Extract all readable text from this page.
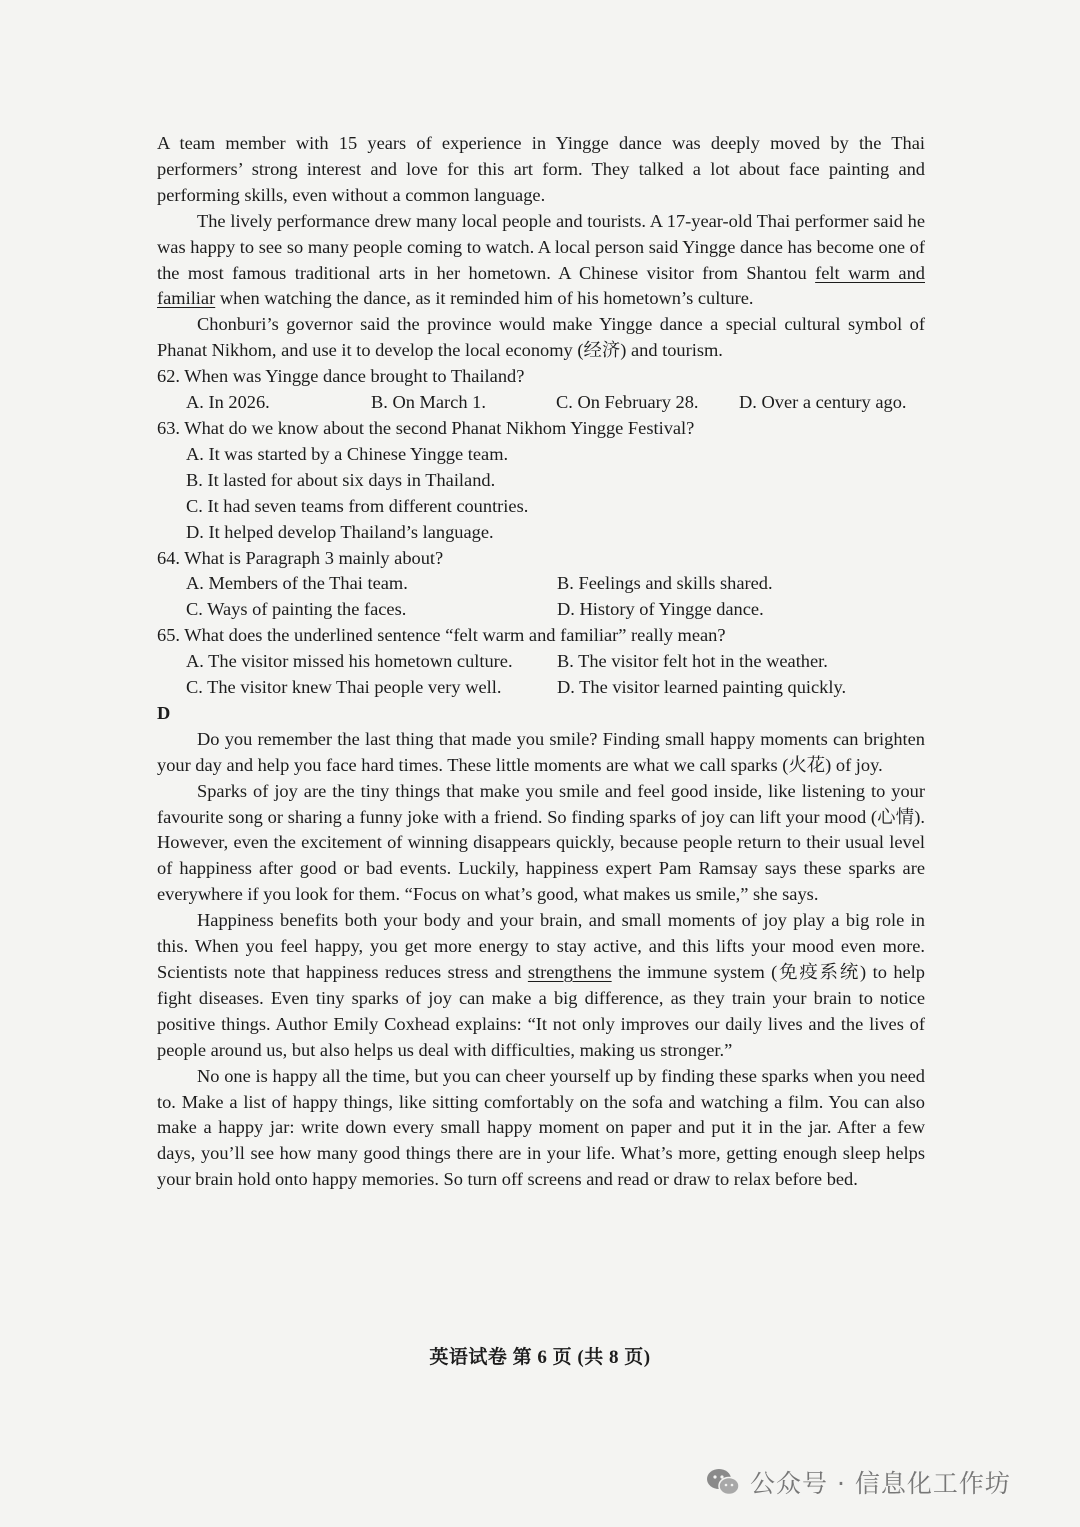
A team member with 15 years of experience in Yingge dance was deeply moved by the Thai performers’ strong interest and love for this art form. They talked a lot about face painting and performing skills, even without a common language.

The lively performance drew many local people and tourists. A 17-year-old Thai performer said he was happy to see so many people coming to watch. A local person said Yingge dance has become one of the most famous traditional arts in her hometown. A Chinese visitor from Shantou felt warm and familiar when watching the dance, as it reminded him of his hometown’s culture.

Chonburi’s governor said the province would make Yingge dance a special cultural symbol of Phanat Nikhom, and use it to develop the local economy (经济) and tourism.

62. When was Yingge dance brought to Thailand?

A. In 2026.	B. On March 1.	C. On February 28.	D. Over a century ago.

63. What do we know about the second Phanat Nikhom Yingge Festival?

A. It was started by a Chinese Yingge team.
B. It lasted for about six days in Thailand.
C. It had seven teams from different countries.
D. It helped develop Thailand’s language.

64. What is Paragraph 3 mainly about?

A. Members of the Thai team.	B. Feelings and skills shared.
C. Ways of painting the faces.	D. History of Yingge dance.

65. What does the underlined sentence “felt warm and familiar” really mean?

A. The visitor missed his hometown culture.	B. The visitor felt hot in the weather.
C. The visitor knew Thai people very well.	D. The visitor learned painting quickly.

D

Do you remember the last thing that made you smile? Finding small happy moments can brighten your day and help you face hard times. These little moments are what we call sparks (火花) of joy.

Sparks of joy are the tiny things that make you smile and feel good inside, like listening to your favourite song or sharing a funny joke with a friend. So finding sparks of joy can lift your mood (心情). However, even the excitement of winning disappears quickly, because people return to their usual level of happiness after good or bad events. Luckily, happiness expert Pam Ramsay says these sparks are everywhere if you look for them. “Focus on what’s good, what makes us smile,” she says.

Happiness benefits both your body and your brain, and small moments of joy play a big role in this. When you feel happy, you get more energy to stay active, and this lifts your mood even more. Scientists note that happiness reduces stress and strengthens the immune system (免疫系统) to help fight diseases. Even tiny sparks of joy can make a big difference, as they train your brain to notice positive things. Author Emily Coxhead explains: “It not only improves our daily lives and the lives of people around us, but also helps us deal with difficulties, making us stronger.”

No one is happy all the time, but you can cheer yourself up by finding these sparks when you need to. Make a list of happy things, like sitting comfortably on the sofa and watching a film. You can also make a happy jar: write down every small happy moment on paper and put it in the jar. After a few days, you’ll see how many good things there are in your life. What’s more, getting enough sleep helps your brain hold onto happy memories. So turn off screens and read or draw to relax before bed.

英语试卷 第 6 页 (共 8 页)
公众号 · 信息化工作坊
